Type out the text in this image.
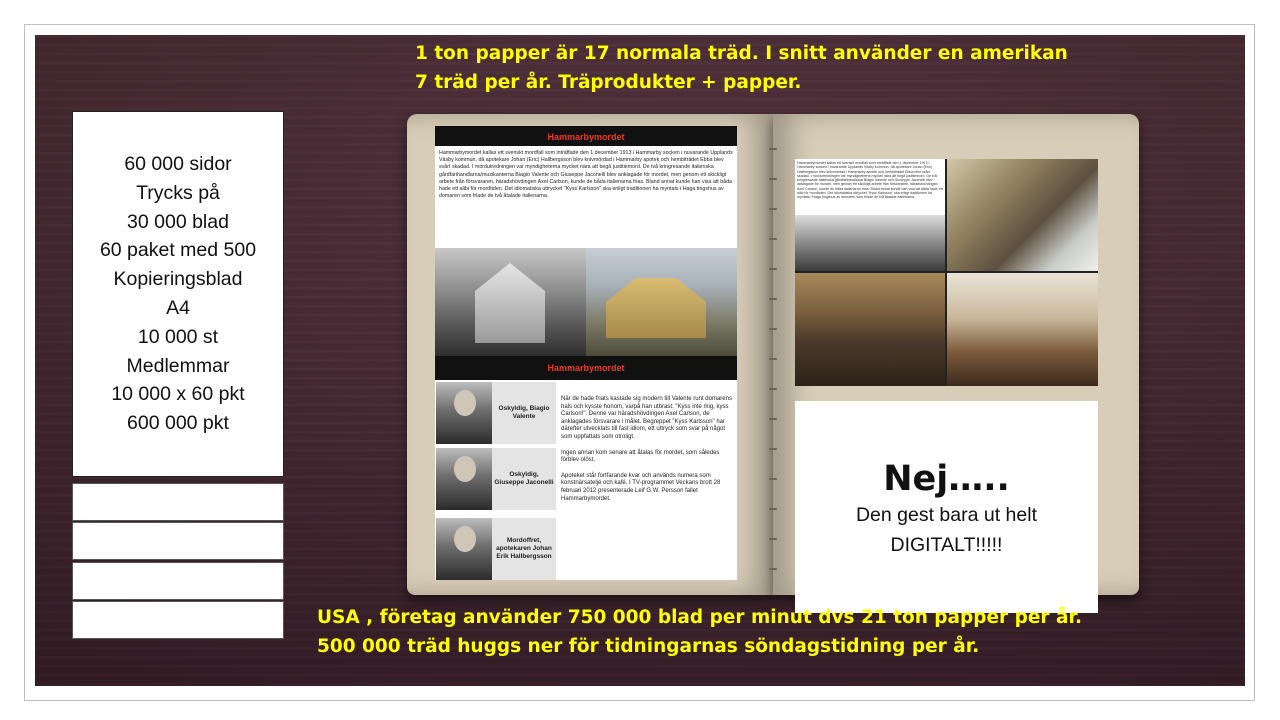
1 ton papper är 17 normala träd. I snitt använder en amerikan
7 träd per år. Träprodukter + papper.
60 000 sidor
Trycks på
30 000 blad
60 paket med 500
Kopieringsblad
A4
10 000 st
Medlemmar
10 000 x 60 pkt
600 000 pkt
Hammarbymordet
Hammarbymordet kallas ett svenskt mordfall som inträffade den 1 december 1913 i Hammarby socken i nuvarande Upplands Väsby kommun, då apotekare Johan (Eric) Hallbergsson blev knivmördad i Hammarby apotek och hembiträdet Ebba blev svårt skadad. I mordutredningen var myndigheterna mycket nära att begå justitiemord. De två kringresande italienska gårdfarihandlarna/musikanterna Biagio Valente och Giuseppe Jaconelli blev anklagade för mordet, men genom ett skickligt arbete från försvararen, häradshövdingen Axel Carlson, kunde de båda italienarna frias. Bland annat kunde han visa att båda hade ett alibi för mordtiden. Det idiomatiska uttrycket "Kyss Karlsson" ska enligt traditionen ha myntats i Haga tingshus av domaren som friade de två åtalade italienarna.
Hammarbymordet
Oskyldig, Biagio Valente
Oskyldig, Giuseppe Jaconelli
Mordoffret, apotekaren Johan Erik Hallbergsson

När de hade friats kastade sig modern till Valente runt domarens hals och kysste honom, varpå han utbrast: "Kyss inte mig, kyss Carlson!". Denne var häradshövdingen Axel Carlson, de anklagades försvarare i målet. Begreppet "Kyss Karlsson" har därefter utvecklats till fast idiom, ett uttryck som svar på något som uppfattats som otroligt.

Ingen annan kom senare att åtalas för mordet, som således förblev olöst.

Apoteket står fortfarande kvar och används numera som konstnärsateljé och kafé. I TV-programmet Veckans brott 28 februari 2012 presenterade Leif G.W. Persson fallet Hammarbymordet.

Hammarbymordet kallas ett svenskt mordfall som inträffade den 1 december 1913 i Hammarby socken i nuvarande Upplands Väsby kommun, då apotekare Johan (Eric) Hallbergsson blev knivmördad i Hammarby apotek och hembiträdet Ebba blev svårt skadad. I mordutredningen var myndigheterna mycket nära att begå justitiemord. De två kringresande italienska gårdfarihandlarna Biagio Valente och Giuseppe Jaconelli blev anklagade för mordet, men genom ett skickligt arbete från försvararen, häradshövdingen Axel Carlson, kunde de båda italienarna frias. Bland annat kunde han visa att båda hade ett alibi för mordtiden. Det idiomatiska uttrycket "Kyss Karlsson" ska enligt traditionen ha myntats i Haga tingshus av domaren som friade de två åtalade italienarna.
Nej…..
Den gest bara ut helt
DIGITALT!!!!!
USA , företag använder 750 000 blad per minut dvs 21 ton papper per år.
500 000 träd huggs ner för tidningarnas söndagstidning per år.
